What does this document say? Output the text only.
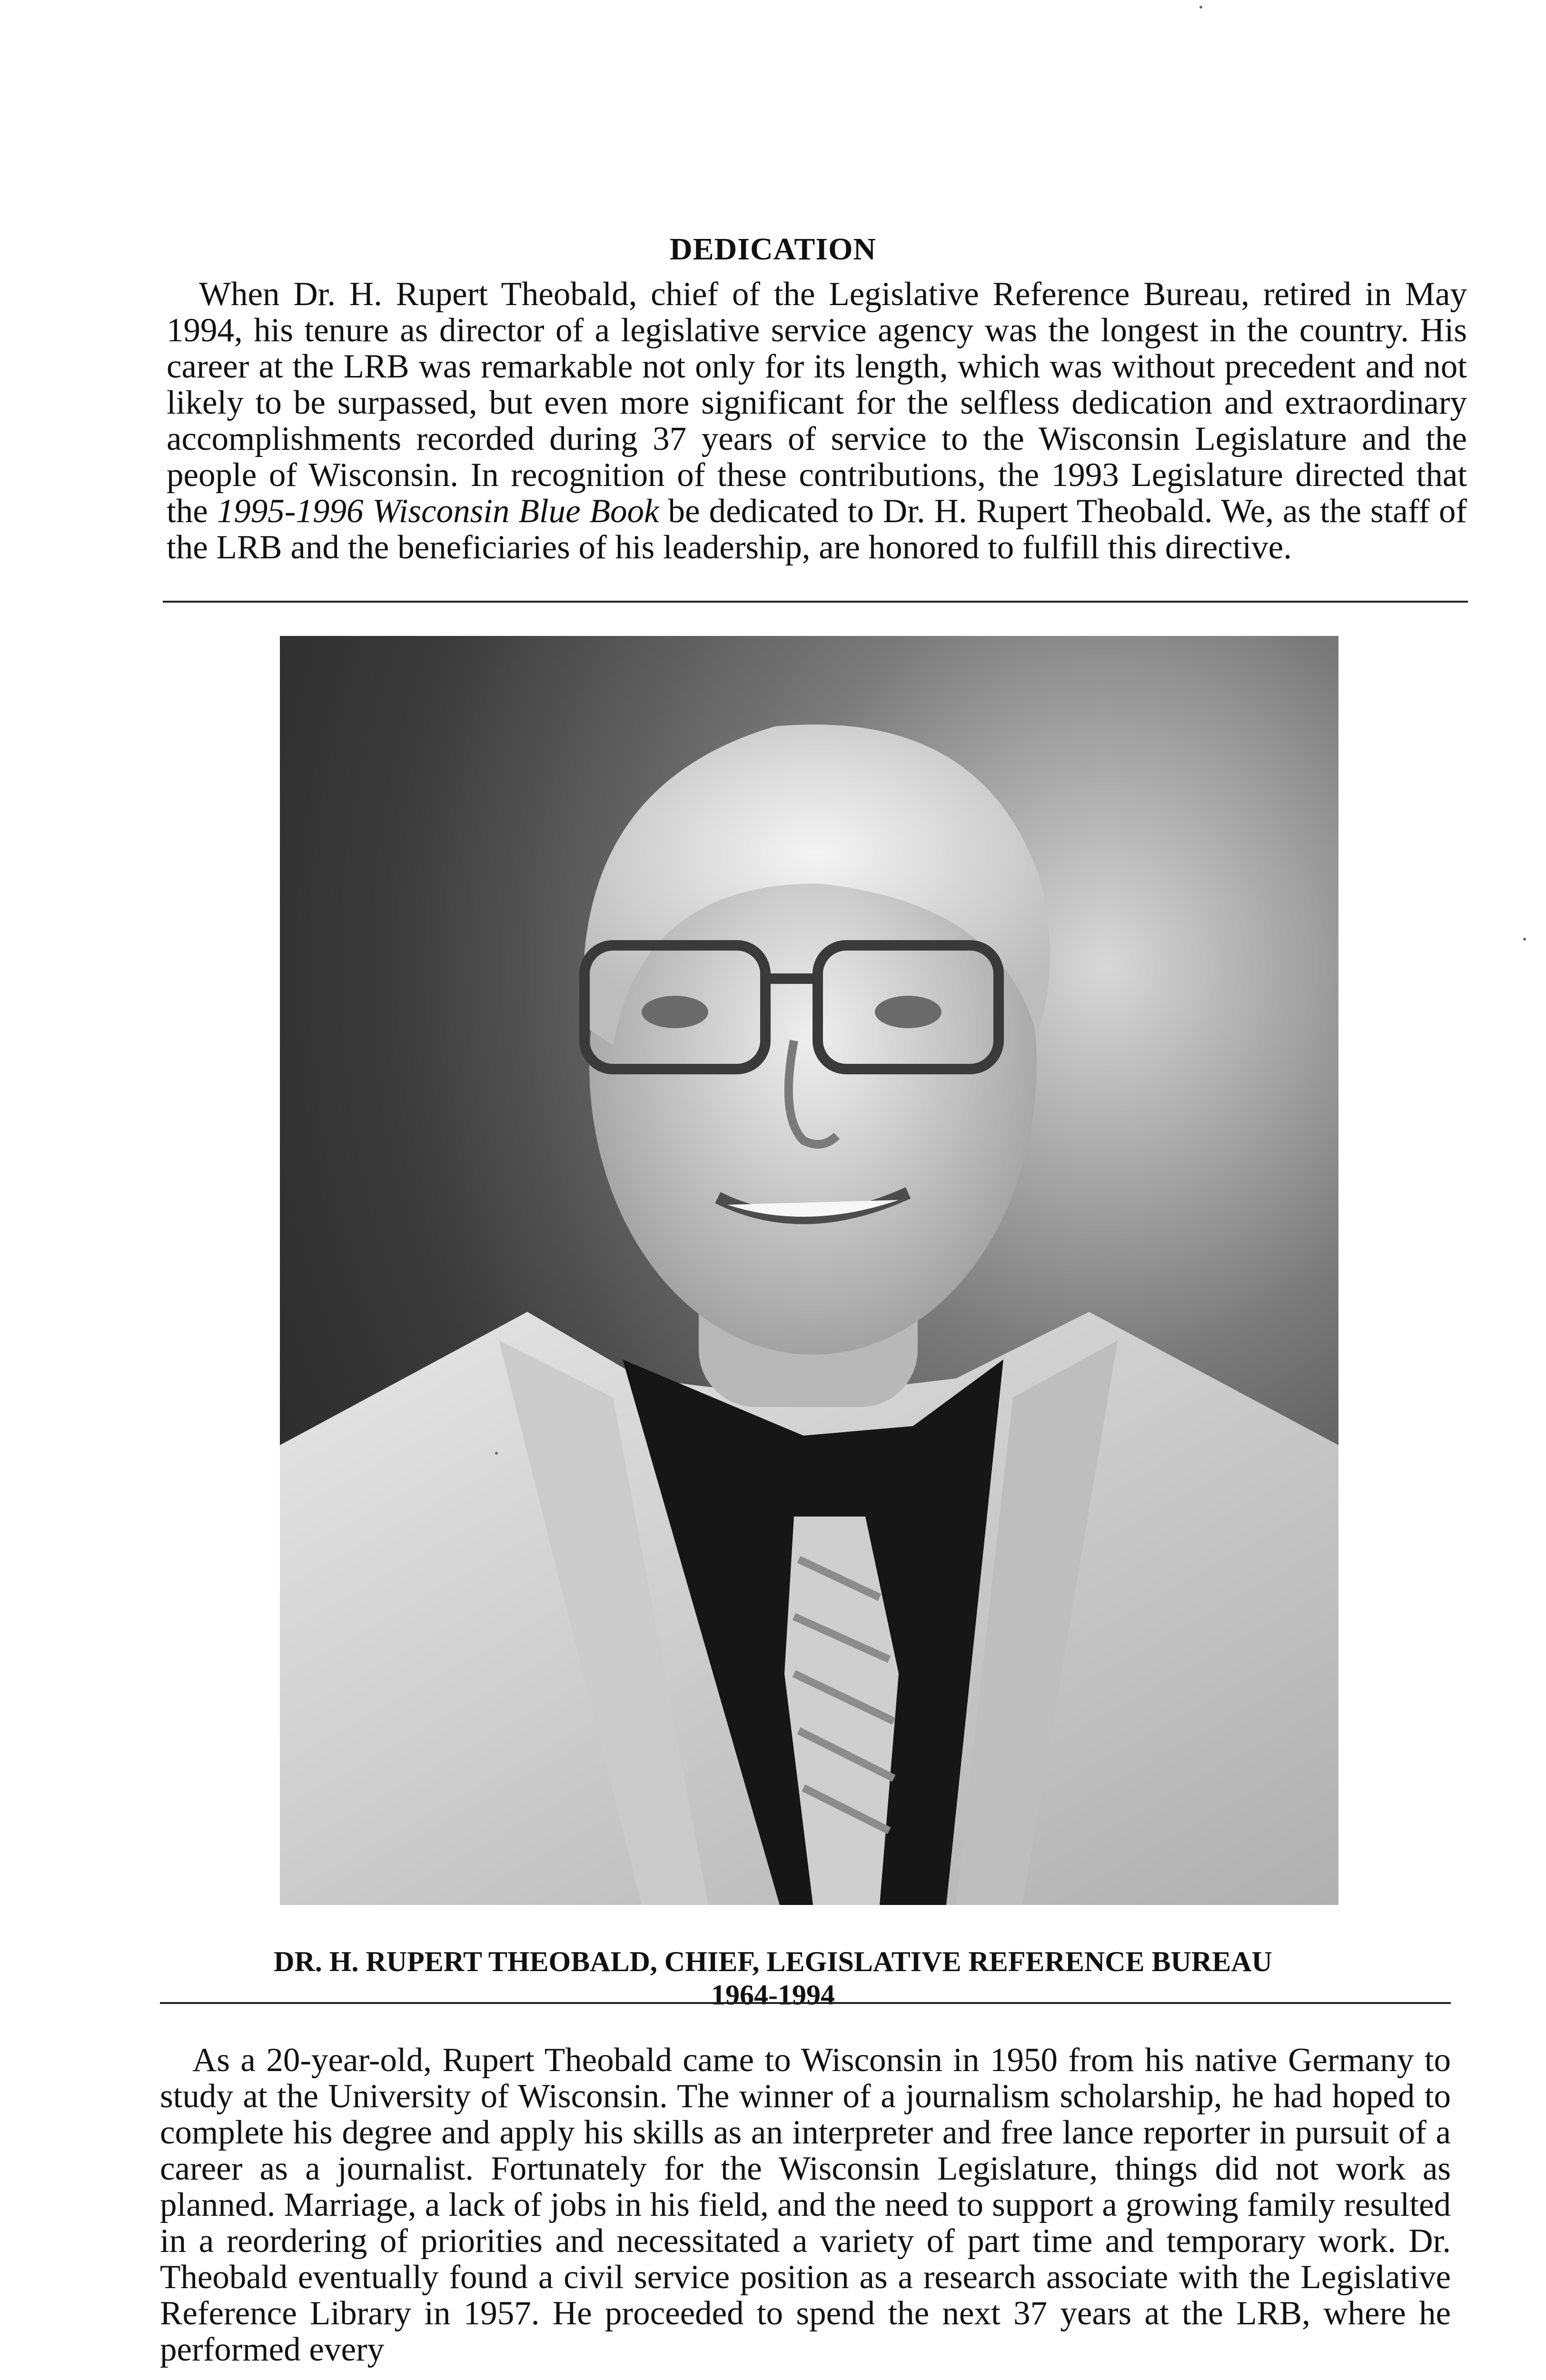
DEDICATION

When Dr. H. Rupert Theobald, chief of the Legislative Reference Bureau, retired in May 1994, his tenure as director of a legislative service agency was the longest in the country. His career at the LRB was remarkable not only for its length, which was without precedent and not likely to be surpassed, but even more significant for the selfless dedication and extraordinary accomplishments recorded during 37 years of service to the Wisconsin Legislature and the people of Wisconsin. In recognition of these contributions, the 1993 Legislature directed that the 1995-1996 Wisconsin Blue Book be dedicated to Dr. H. Rupert Theobald. We, as the staff of the LRB and the beneficiaries of his leadership, are honored to fulfill this directive.

DR. H. RUPERT THEOBALD, CHIEF, LEGISLATIVE REFERENCE BUREAU

1964-1994

As a 20-year-old, Rupert Theobald came to Wisconsin in 1950 from his native Germany to study at the University of Wisconsin. The winner of a journalism scholarship, he had hoped to complete his degree and apply his skills as an interpreter and free lance reporter in pursuit of a career as a journalist. Fortunately for the Wisconsin Legislature, things did not work as planned. Marriage, a lack of jobs in his field, and the need to support a growing family resulted in a reordering of priorities and necessitated a variety of part time and temporary work. Dr. Theobald eventually found a civil service position as a research associate with the Legislative Reference Library in 1957. He proceeded to spend the next 37 years at the LRB, where he performed every
